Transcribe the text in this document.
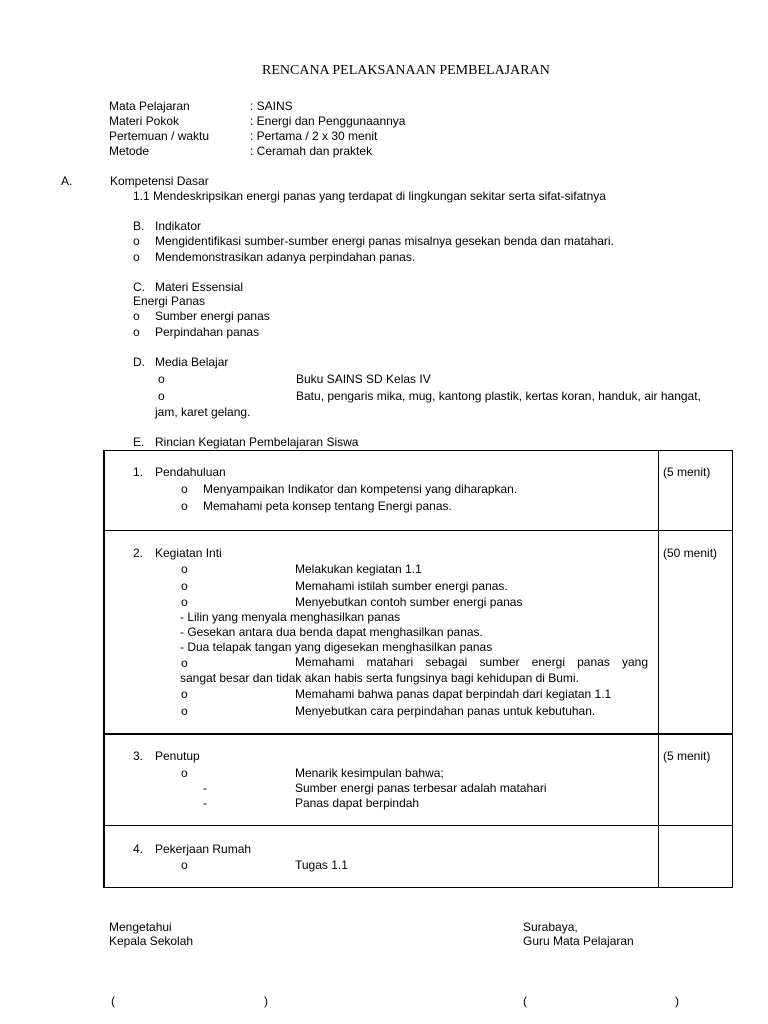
RENCANA PELAKSANAAN PEMBELAJARAN
Mata Pelajaran	: SAINS
Materi Pokok	: Energi dan Penggunaannya
Pertemuan / waktu	: Pertama / 2 x 30 menit
Metode	: Ceramah dan praktek
A.	Kompetensi Dasar
1.1 Mendeskripsikan energi panas yang terdapat di lingkungan sekitar serta sifat-sifatnya
B. Indikator
o Mengidentifikasi sumber-sumber energi panas misalnya gesekan benda dan matahari.
o Mendemonstrasikan adanya perpindahan panas.
C. Materi Essensial
Energi Panas
o Sumber energi panas
o Perpindahan panas
D. Media Belajar
o	Buku SAINS SD Kelas IV
o	Batu, pengaris mika, mug, kantong plastik, kertas koran, handuk, air hangat,
jam, karet gelang.
E. Rincian Kegiatan Pembelajaran Siswa
1. Pendahuluan	(5 menit)
o Menyampaikan Indikator dan kompetensi yang diharapkan.
o Memahami peta konsep tentang Energi panas.
2. Kegiatan Inti	(50 menit)
o	Melakukan kegiatan 1.1
o	Memahami istilah sumber energi panas.
o	Menyebutkan contoh sumber energi panas
- Lilin yang menyala menghasilkan panas
- Gesekan antara dua benda dapat menghasilkan panas.
- Dua telapak tangan yang digesekan menghasilkan panas
o	Memahami matahari sebagai sumber energi panas yang
sangat besar dan tidak akan habis serta fungsinya bagi kehidupan di Bumi.
o	Memahami bahwa panas dapat berpindah dari kegiatan 1.1
o	Menyebutkan cara perpindahan panas untuk kebutuhan.
3. Penutup	(5 menit)
o	Menarik kesimpulan bahwa;
-	Sumber energi panas terbesar adalah matahari
-	Panas dapat berpindah
4. Pekerjaan Rumah
o	Tugas 1.1
Mengetahui
Kepala Sekolah
(	)
Surabaya,
Guru Mata Pelajaran
(	)
